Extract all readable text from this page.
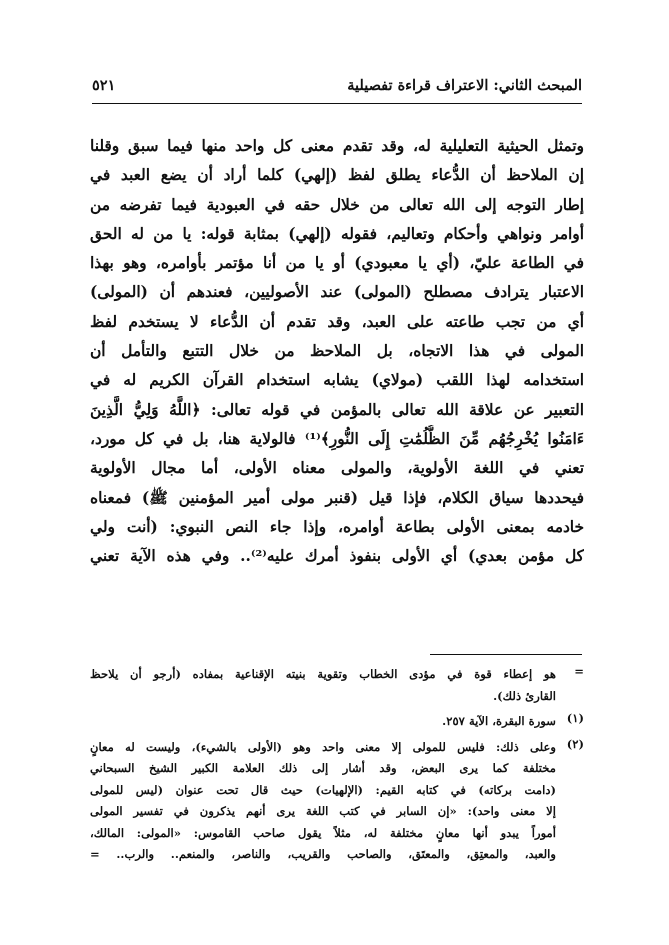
المبحث الثاني: الاعتراف قراءة تفصيلية
٥٢١
وتمثل الحيثية التعليلية له، وقد تقدم معنى كل واحد منها فيما سبق وقلنا
إن الملاحظ أن الدُّعاء يطلق لفظ (إلهي) كلما أراد أن يضع العبد في
إطار التوجه إلى الله تعالى من خلال حقه في العبودية فيما تفرضه من
أوامر ونواهي وأحكام وتعاليم، فقوله (إلهي) بمثابة قوله: يا من له الحق
في الطاعة عليّ، (أي يا معبودي) أو يا من أنا مؤتمر بأوامره، وهو بهذا
الاعتبار يترادف مصطلح (المولى) عند الأصوليين، فعندهم أن (المولى)
أي من تجب طاعته على العبد، وقد تقدم أن الدُّعاء لا يستخدم لفظ
المولى في هذا الاتجاه، بل الملاحظ من خلال التتبع والتأمل أن
استخدامه لهذا اللقب (مولاي) يشابه استخدام القرآن الكريم له في
التعبير عن علاقة الله تعالى بالمؤمن في قوله تعالى: ﴿اللَّهُ وَلِيُّ الَّذِينَ
ءَامَنُوا يُخْرِجُهُم مِّنَ الظُّلُمَٰتِ إِلَى النُّورِ﴾⁽¹⁾ فالولاية هنا، بل في كل مورد،
تعني في اللغة الأولوية، والمولى معناه الأولى، أما مجال الأولوية
فيحددها سياق الكلام، فإذا قيل (قنبر مولى أمير المؤمنين ﷺ) فمعناه
خادمه بمعنى الأولى بطاعة أوامره، وإذا جاء النص النبوي: (أنت ولي
كل مؤمن بعدي) أي الأولى بنفوذ أمرك عليه⁽²⁾.. وفي هذه الآية تعني
=
هو إعطاء قوة في مؤدى الخطاب وتقوية بنيته الإقناعية بمفاده (أرجو أن يلاحظ
القارئ ذلك).
(١)
سورة البقرة، الآية ٢٥٧.
(٢)
وعلى ذلك: فليس للمولى إلا معنى واحد وهو (الأولى بالشيء)، وليست له معانٍ
مختلفة كما يرى البعض، وقد أشار إلى ذلك العلامة الكبير الشيخ السبحاني
(دامت بركاته) في كتابه القيم: (الإلهيات) حيث قال تحت عنوان (ليس للمولى
إلا معنى واحد): «إن السابر في كتب اللغة يرى أنهم يذكرون في تفسير المولى
أموراً يبدو أنها معانٍ مختلفة له، مثلاً يقول صاحب القاموس: «المولى: المالك،
والعبد، والمعتِق، والمعتَق، والصاحب والقريب، والناصر، والمنعم.. والرب.. =
